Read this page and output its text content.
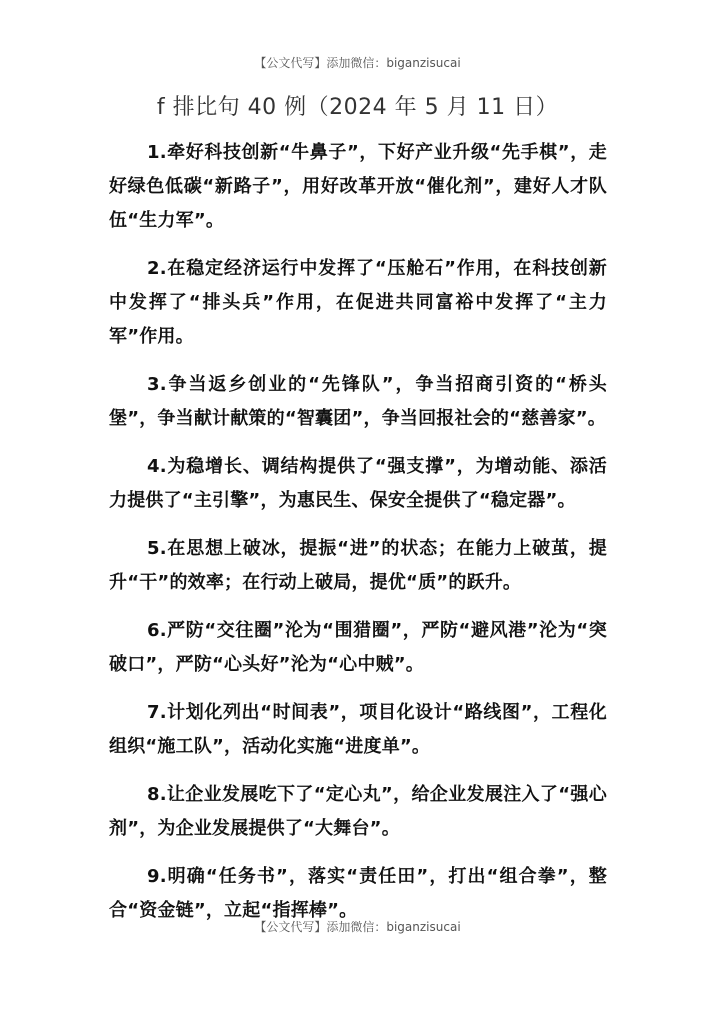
【公文代写】添加微信：biganzisucai
f 排比句 40 例（2024 年 5 月 11 日）

1.牵好科技创新“牛鼻子”，下好产业升级“先手棋”，走好绿色低碳“新路子”，用好改革开放“催化剂”，建好人才队伍“生力军”。

2.在稳定经济运行中发挥了“压舱石”作用，在科技创新中发挥了“排头兵”作用，在促进共同富裕中发挥了“主力军”作用。

3.争当返乡创业的“先锋队”，争当招商引资的“桥头堡”，争当献计献策的“智囊团”，争当回报社会的“慈善家”。

4.为稳增长、调结构提供了“强支撑”，为增动能、添活力提供了“主引擎”，为惠民生、保安全提供了“稳定器”。

5.在思想上破冰，提振“进”的状态；在能力上破茧，提升“干”的效率；在行动上破局，提优“质”的跃升。

6.严防“交往圈”沦为“围猎圈”，严防“避风港”沦为“突破口”，严防“心头好”沦为“心中贼”。

7.计划化列出“时间表”，项目化设计“路线图”，工程化组织“施工队”，活动化实施“进度单”。

8.让企业发展吃下了“定心丸”，给企业发展注入了“强心剂”，为企业发展提供了“大舞台”。

9.明确“任务书”，落实“责任田”，打出“组合拳”，整合“资金链”，立起“指挥棒”。

【公文代写】添加微信：biganzisucai
